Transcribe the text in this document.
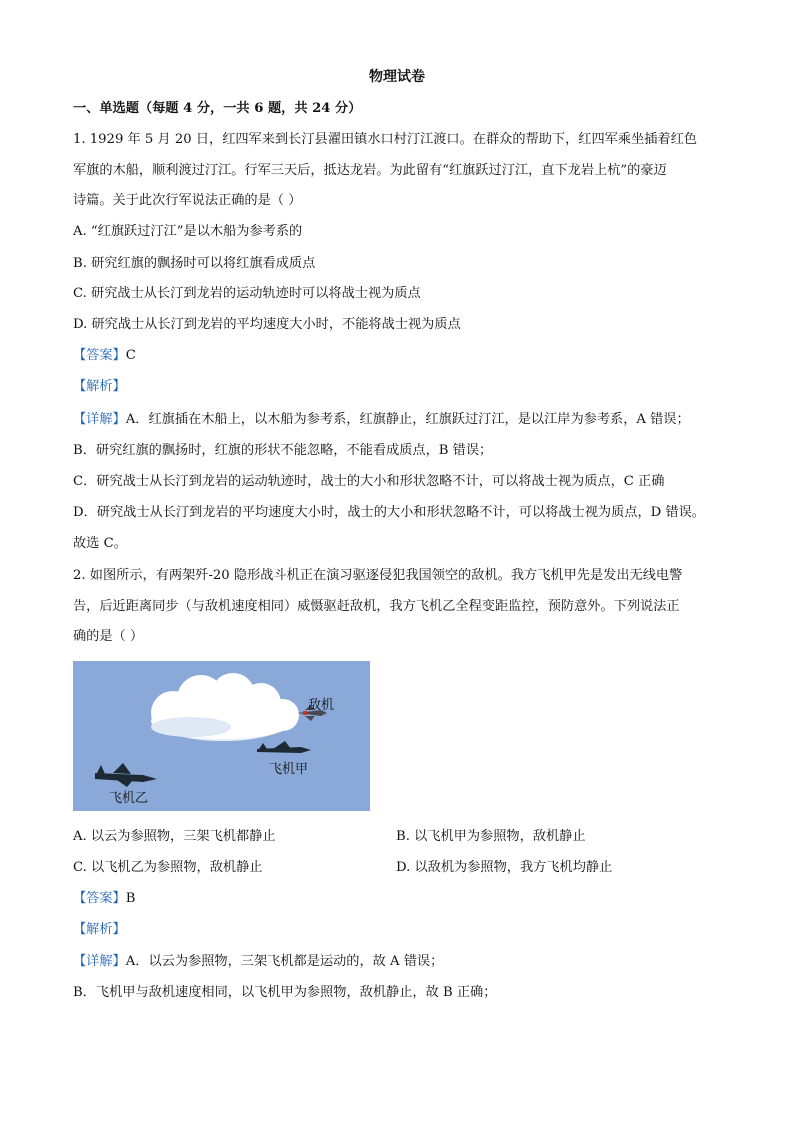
物理试卷
一、单选题（每题 4 分，一共 6 题，共 24 分）
1. 1929 年 5 月 20 日，红四军来到长汀县濯田镇水口村汀江渡口。在群众的帮助下，红四军乘坐插着红色
军旗的木船，顺利渡过汀江。行军三天后，抵达龙岩。为此留有“红旗跃过汀江，直下龙岩上杭”的豪迈
诗篇。关于此次行军说法正确的是（ ）
A. “红旗跃过汀江”是以木船为参考系的
B. 研究红旗的飘扬时可以将红旗看成质点
C. 研究战士从长汀到龙岩的运动轨迹时可以将战士视为质点
D. 研究战士从长汀到龙岩的平均速度大小时，不能将战士视为质点
【答案】C
【解析】
【详解】A．红旗插在木船上，以木船为参考系，红旗静止，红旗跃过汀江，是以江岸为参考系，A 错误；
B．研究红旗的飘扬时，红旗的形状不能忽略，不能看成质点，B 错误；
C．研究战士从长汀到龙岩的运动轨迹时，战士的大小和形状忽略不计，可以将战士视为质点，C 正确
D．研究战士从长汀到龙岩的平均速度大小时，战士的大小和形状忽略不计，可以将战士视为质点，D 错误。
故选 C。
2. 如图所示，有两架歼-20 隐形战斗机正在演习驱逐侵犯我国领空的敌机。我方飞机甲先是发出无线电警
告，后近距离同步（与敌机速度相同）威慑驱赶敌机，我方飞机乙全程变距监控，预防意外。下列说法正
确的是（ ）
敌机
飞机甲
飞机乙
A. 以云为参照物，三架飞机都静止	B. 以飞机甲为参照物，敌机静止
C. 以飞机乙为参照物，敌机静止	D. 以敌机为参照物，我方飞机均静止
【答案】B
【解析】
【详解】A．以云为参照物，三架飞机都是运动的，故 A 错误；
B．飞机甲与敌机速度相同，以飞机甲为参照物，敌机静止，故 B 正确；
